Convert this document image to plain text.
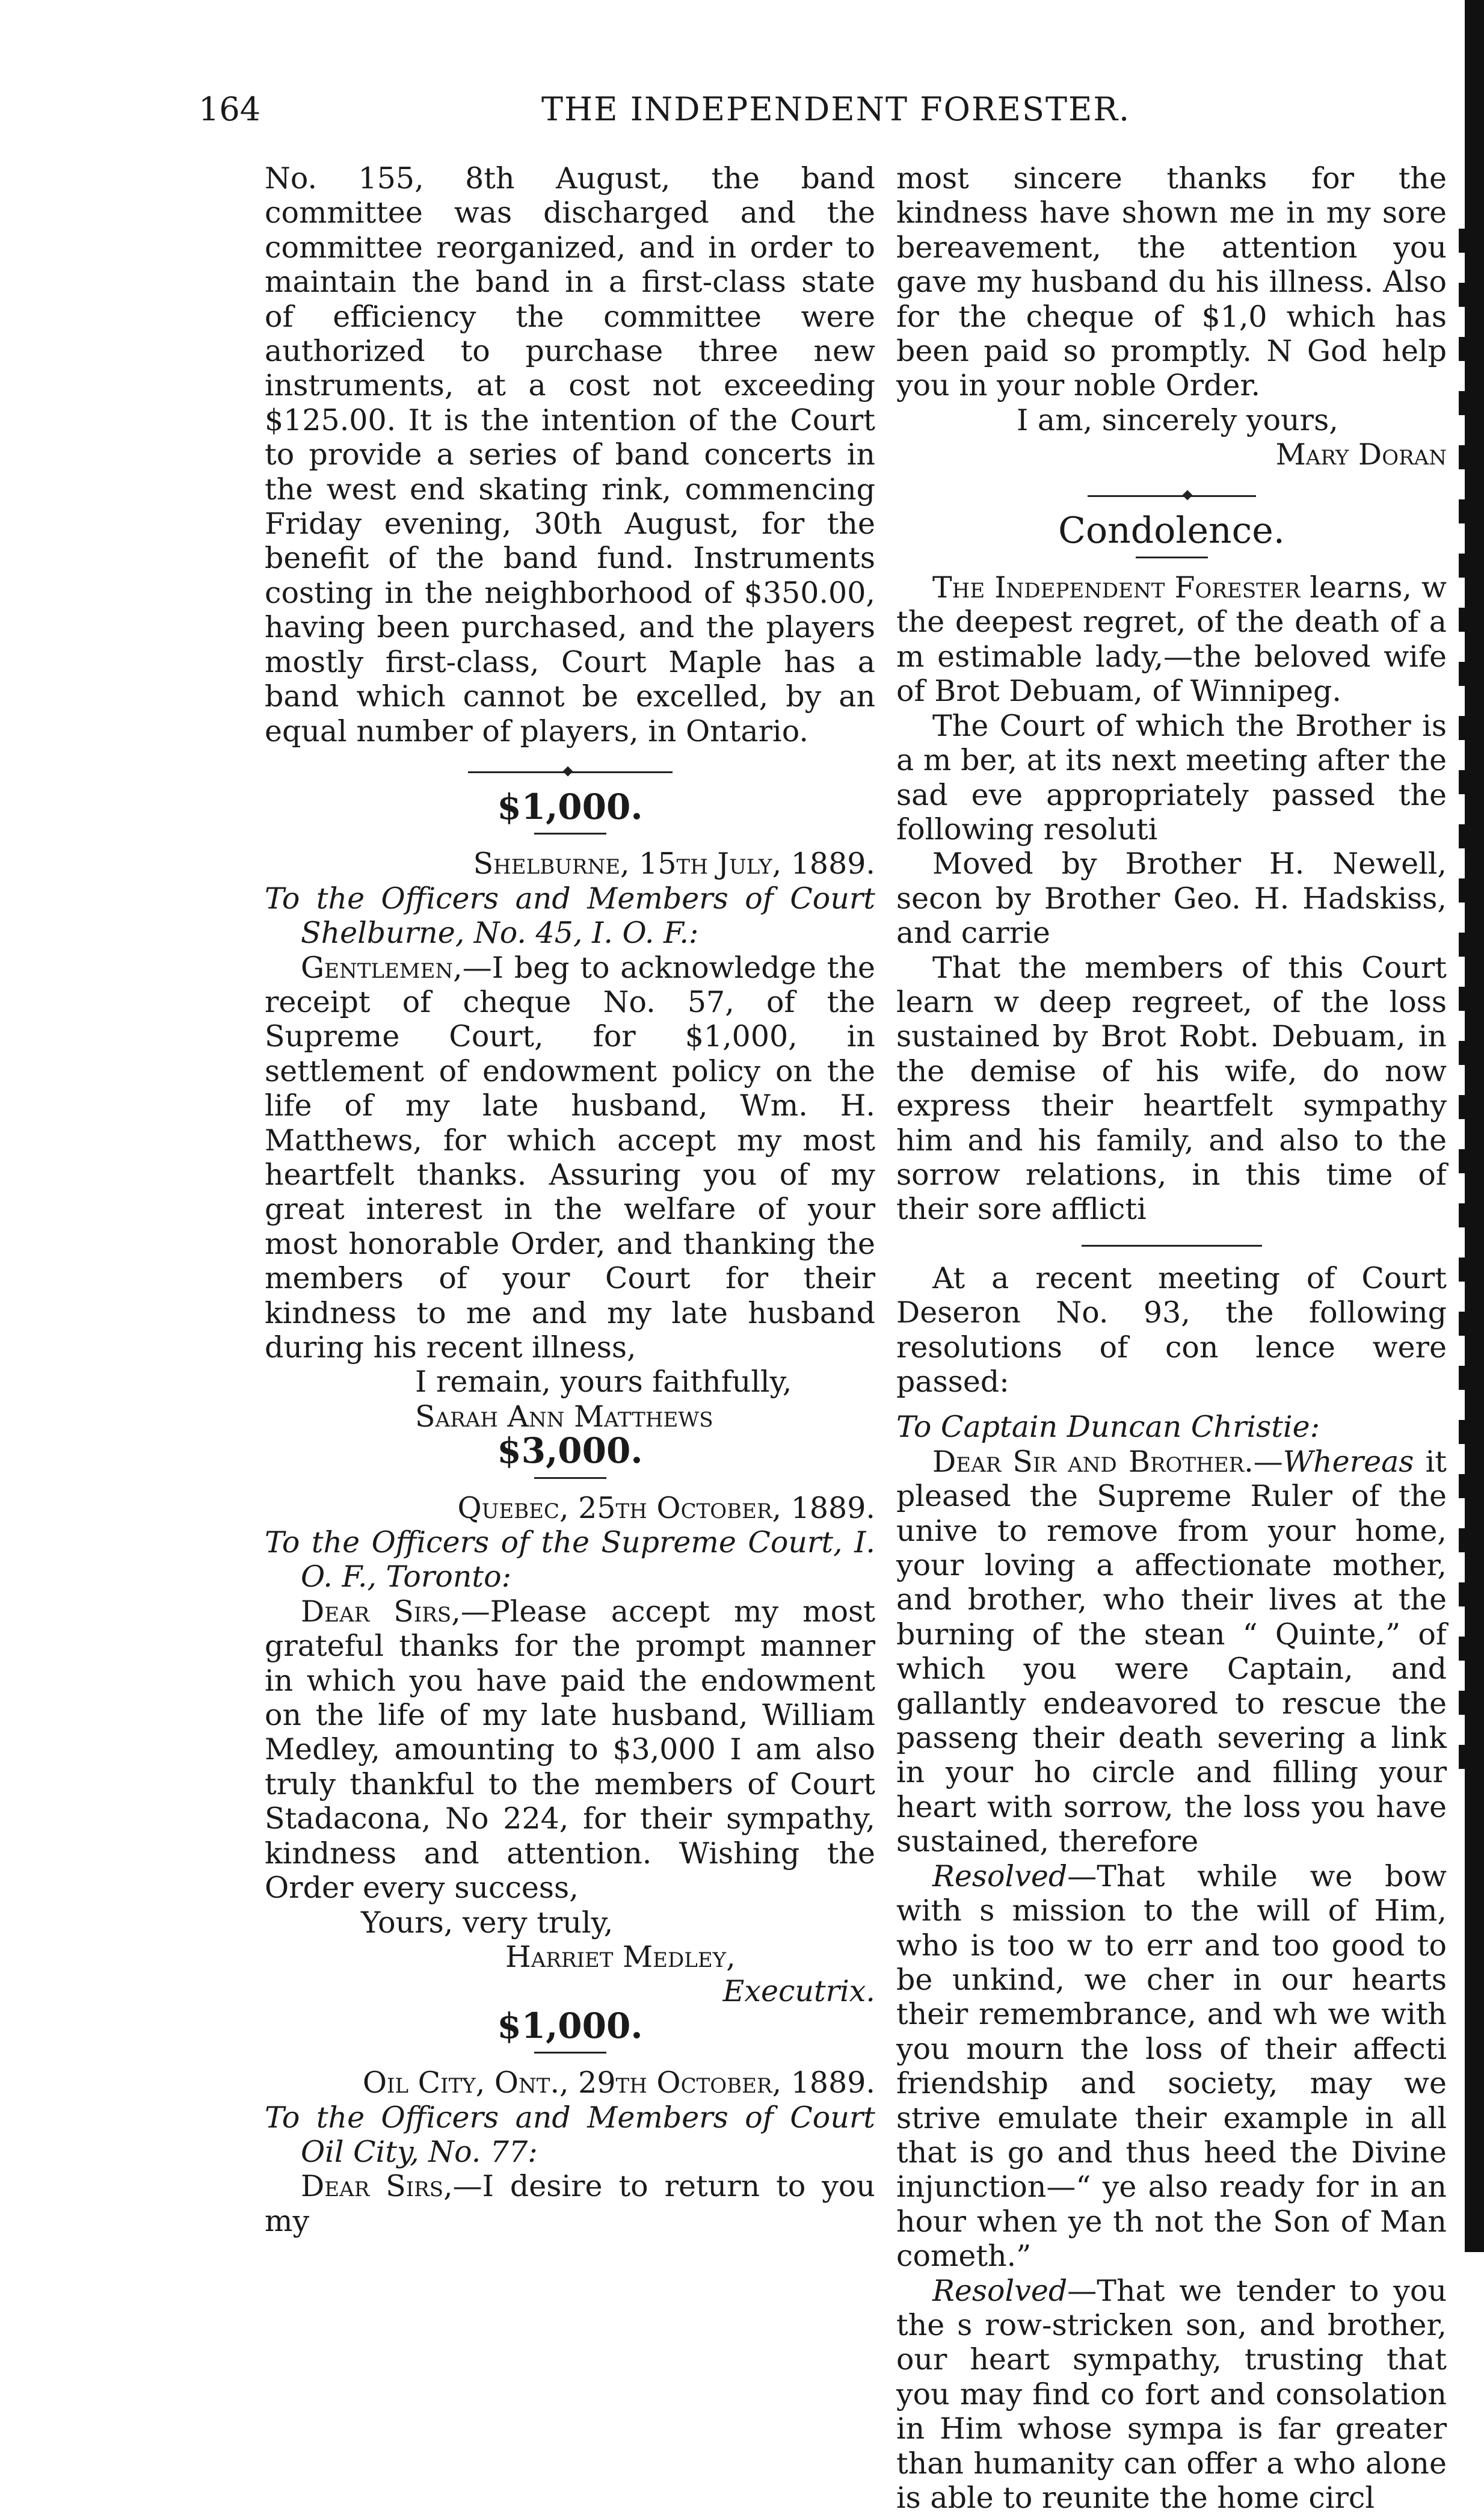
164	THE INDEPENDENT FORESTER.

No. 155, 8th August, the band committee was discharged and the committee reorganized, and in order to maintain the band in a first-class state of efficiency the committee were authorized to purchase three new instruments, at a cost not exceeding $125.00. It is the intention of the Court to provide a series of band concerts in the west end skating rink, commencing Friday evening, 30th August, for the benefit of the band fund. Instruments costing in the neighborhood of $350.00, having been purchased, and the players mostly first-class, Court Maple has a band which cannot be excelled, by an equal number of players, in Ontario.

$1,000.

Shelburne, 15th July, 1889.

To the Officers and Members of Court Shelburne, No. 45, I. O. F.:

Gentlemen,—I beg to acknowledge the receipt of cheque No. 57, of the Supreme Court, for $1,000, in settlement of endowment policy on the life of my late husband, Wm. H. Matthews, for which accept my most heartfelt thanks. Assuring you of my great interest in the welfare of your most honorable Order, and thanking the members of your Court for their kindness to me and my late husband during his recent illness,

I remain, yours faithfully,

Sarah Ann Matthews

$3,000.

Quebec, 25th October, 1889.

To the Officers of the Supreme Court, I. O. F., Toronto:

Dear Sirs,—Please accept my most grateful thanks for the prompt manner in which you have paid the endowment on the life of my late husband, William Medley, amounting to $3,000 I am also truly thankful to the members of Court Stadacona, No 224, for their sympathy, kindness and attention. Wishing the Order every success,

Yours, very truly,

Harriet Medley,

Executrix.

$1,000.

Oil City, Ont., 29th October, 1889.

To the Officers and Members of Court Oil City, No. 77:

Dear Sirs,—I desire to return to you my

most sincere thanks for the kindness have shown me in my sore bereavement, the attention you gave my husband du his illness. Also for the cheque of $1,0 which has been paid so promptly. N God help you in your noble Order.

I am, sincerely yours,

Mary Doran

Condolence.

The Independent Forester learns, w the deepest regret, of the death of a m estimable lady,—the beloved wife of Brot Debuam, of Winnipeg.

The Court of which the Brother is a m ber, at its next meeting after the sad eve appropriately passed the following resoluti

Moved by Brother H. Newell, secon by Brother Geo. H. Hadskiss, and carrie

That the members of this Court learn w deep regreet, of the loss sustained by Brot Robt. Debuam, in the demise of his wife, do now express their heartfelt sympathy him and his family, and also to the sorrow relations, in this time of their sore afflicti

At a recent meeting of Court Deseron No. 93, the following resolutions of con lence were passed:

To Captain Duncan Christie:

Dear Sir and Brother.—Whereas it pleased the Supreme Ruler of the unive to remove from your home, your loving a affectionate mother, and brother, who their lives at the burning of the stean “ Quinte,” of which you were Captain, and gallantly endeavored to rescue the passeng their death severing a link in your ho circle and filling your heart with sorrow, the loss you have sustained, therefore

Resolved—That while we bow with s mission to the will of Him, who is too w to err and too good to be unkind, we cher in our hearts their remembrance, and wh we with you mourn the loss of their affecti friendship and society, may we strive emulate their example in all that is go and thus heed the Divine injunction—“ ye also ready for in an hour when ye th not the Son of Man cometh.”

Resolved—That we tender to you the s row-stricken son, and brother, our heart sympathy, trusting that you may find co fort and consolation in Him whose sympa is far greater than humanity can offer a who alone is able to reunite the home circl
